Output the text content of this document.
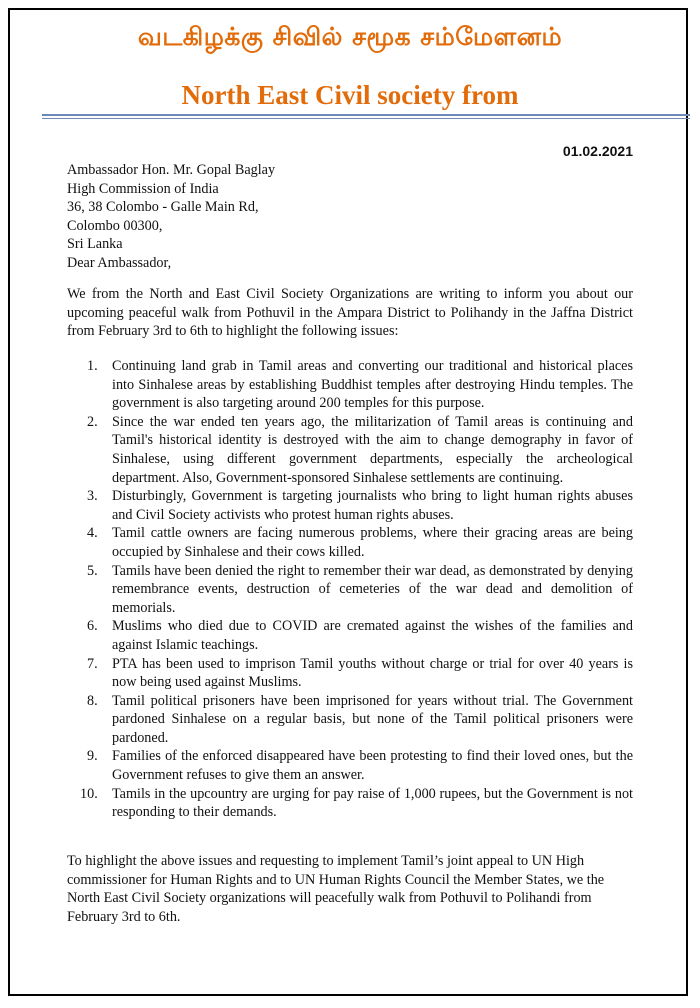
வடகிழக்கு சிவில் சமூக சம்மேளனம்
North East Civil society from
01.02.2021
Ambassador Hon. Mr. Gopal Baglay
High Commission of India
36, 38 Colombo - Galle Main Rd,
Colombo 00300,
Sri Lanka
Dear Ambassador,
We from the North and East Civil Society Organizations are writing to inform you about our upcoming peaceful walk from Pothuvil in the Ampara District to Polihandy in the Jaffna District from February 3rd to 6th to highlight the following issues:
1.	Continuing land grab in Tamil areas and converting our traditional and historical places into Sinhalese areas by establishing Buddhist temples after destroying Hindu temples. The government is also targeting around 200 temples for this purpose.
2.	Since the war ended ten years ago, the militarization of Tamil areas is continuing and Tamil's historical identity is destroyed with the aim to change demography in favor of Sinhalese, using different government departments, especially the archeological department. Also, Government-sponsored Sinhalese settlements are continuing.
3.	Disturbingly, Government is targeting journalists who bring to light human rights abuses and Civil Society activists who protest human rights abuses.
4.	Tamil cattle owners are facing numerous problems, where their gracing areas are being occupied by Sinhalese and their cows killed.
5.	Tamils have been denied the right to remember their war dead, as demonstrated by denying remembrance events, destruction of cemeteries of the war dead and demolition of memorials.
6.	Muslims who died due to COVID are cremated against the wishes of the families and against Islamic teachings.
7.	PTA has been used to imprison Tamil youths without charge or trial for over 40 years is now being used against Muslims.
8.	Tamil political prisoners have been imprisoned for years without trial. The Government pardoned Sinhalese on a regular basis, but none of the Tamil political prisoners were pardoned.
9.	Families of the enforced disappeared have been protesting to find their loved ones, but the Government refuses to give them an answer.
10.	Tamils in the upcountry are urging for pay raise of 1,000 rupees, but the Government is not responding to their demands.
To highlight the above issues and requesting to implement Tamil’s joint appeal to UN High commissioner for Human Rights and to UN Human Rights Council the Member States, we the North East Civil Society organizations will peacefully walk from Pothuvil to Polihandi from February 3rd to 6th.
